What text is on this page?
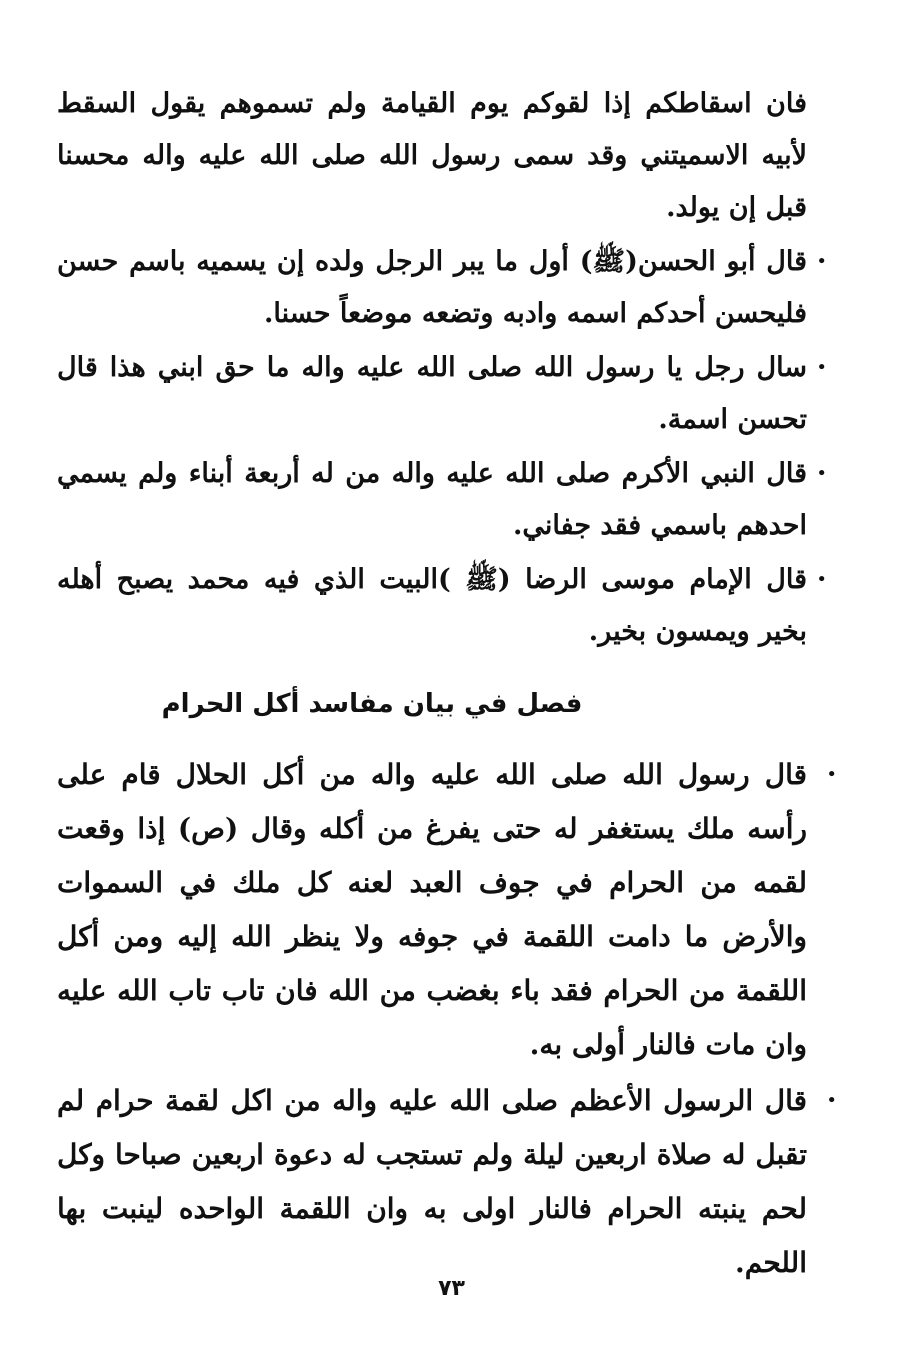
فان اسقاطكم إذا لقوكم يوم القيامة ولم تسموهم يقول السقط لأبيه الاسميتني وقد سمى رسول الله صلى الله عليه واله محسنا قبل إن يولد.

•

قال أبو الحسن(ﷺ) أول ما يبر الرجل ولده إن يسميه باسم حسن فليحسن أحدكم اسمه وادبه وتضعه موضعاً حسنا.

•

سال رجل يا رسول الله صلى الله عليه واله ما حق ابني هذا قال تحسن اسمة.

•

قال النبي الأكرم صلى الله عليه واله من له أربعة أبناء ولم يسمي احدهم باسمي فقد جفاني.

•

قال الإمام موسى الرضا (ﷺ )البيت الذي فيه محمد يصبح أهله بخير ويمسون بخير.

فصل في بيان مفاسد أكل الحرام
•

قال رسول الله صلى الله عليه واله من أكل الحلال قام على رأسه ملك يستغفر له حتى يفرغ من أكله وقال (ص) إذا وقعت لقمه من الحرام في جوف العبد لعنه كل ملك في السموات والأرض ما دامت اللقمة في جوفه ولا ينظر الله إليه ومن أكل اللقمة من الحرام فقد باء بغضب من الله فان تاب تاب الله عليه وان مات فالنار أولى به.

•

قال الرسول الأعظم صلى الله عليه واله من اكل لقمة حرام لم تقبل له صلاة اربعين ليلة ولم تستجب له دعوة اربعين صباحا وكل لحم ينبته الحرام فالنار اولى به وان اللقمة الواحده لينبت بها اللحم.

٧٣
